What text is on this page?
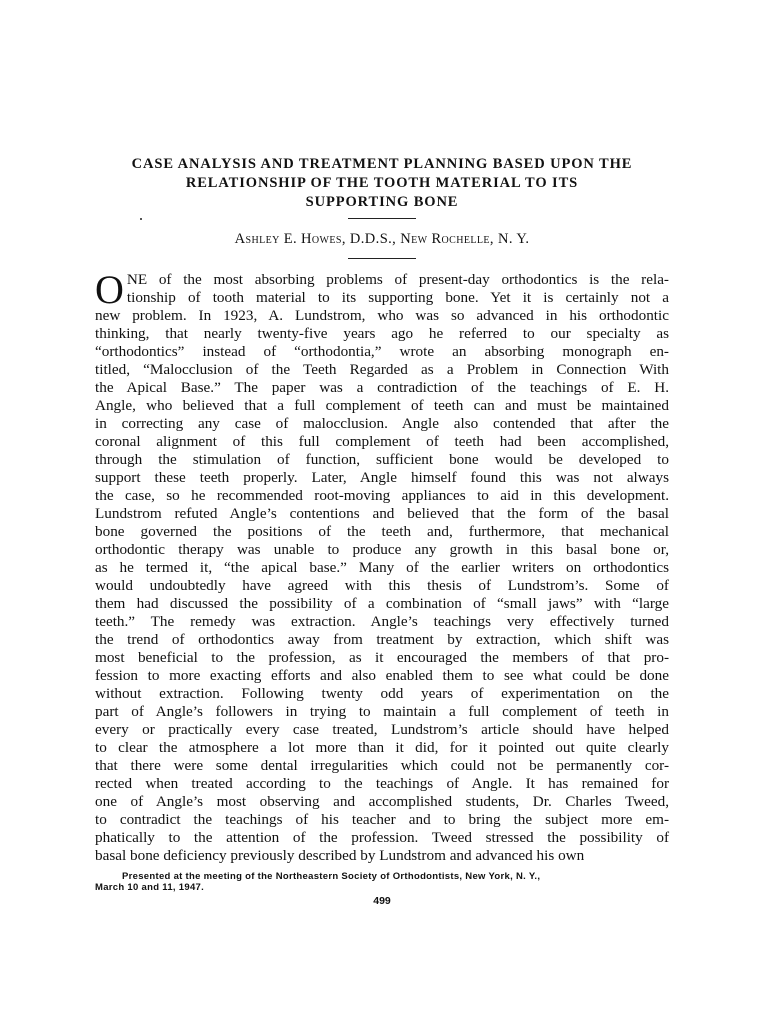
CASE ANALYSIS AND TREATMENT PLANNING BASED UPON THE
RELATIONSHIP OF THE TOOTH MATERIAL TO ITS
SUPPORTING BONE
Ashley E. Howes, D.D.S., New Rochelle, N. Y.
O NE of the most absorbing problems of present-day orthodontics is the rela-
tionship of tooth material to its supporting bone. Yet it is certainly not a
new problem. In 1923, A. Lundstrom, who was so advanced in his orthodontic
thinking, that nearly twenty-five years ago he referred to our specialty as
“orthodontics” instead of “orthodontia,” wrote an absorbing monograph en-
titled, “Malocclusion of the Teeth Regarded as a Problem in Connection With
the Apical Base.” The paper was a contradiction of the teachings of E. H.
Angle, who believed that a full complement of teeth can and must be maintained
in correcting any case of malocclusion. Angle also contended that after the
coronal alignment of this full complement of teeth had been accomplished,
through the stimulation of function, sufficient bone would be developed to
support these teeth properly. Later, Angle himself found this was not always
the case, so he recommended root-moving appliances to aid in this development.
Lundstrom refuted Angle’s contentions and believed that the form of the basal
bone governed the positions of the teeth and, furthermore, that mechanical
orthodontic therapy was unable to produce any growth in this basal bone or,
as he termed it, “the apical base.” Many of the earlier writers on orthodontics
would undoubtedly have agreed with this thesis of Lundstrom’s. Some of
them had discussed the possibility of a combination of “small jaws” with “large
teeth.” The remedy was extraction. Angle’s teachings very effectively turned
the trend of orthodontics away from treatment by extraction, which shift was
most beneficial to the profession, as it encouraged the members of that pro-
fession to more exacting efforts and also enabled them to see what could be done
without extraction. Following twenty odd years of experimentation on the
part of Angle’s followers in trying to maintain a full complement of teeth in
every or practically every case treated, Lundstrom’s article should have helped
to clear the atmosphere a lot more than it did, for it pointed out quite clearly
that there were some dental irregularities which could not be permanently cor-
rected when treated according to the teachings of Angle. It has remained for
one of Angle’s most observing and accomplished students, Dr. Charles Tweed,
to contradict the teachings of his teacher and to bring the subject more em-
phatically to the attention of the profession. Tweed stressed the possibility of
basal bone deficiency previously described by Lundstrom and advanced his own
Presented at the meeting of the Northeastern Society of Orthodontists, New York, N. Y.,
March 10 and 11, 1947.
499
